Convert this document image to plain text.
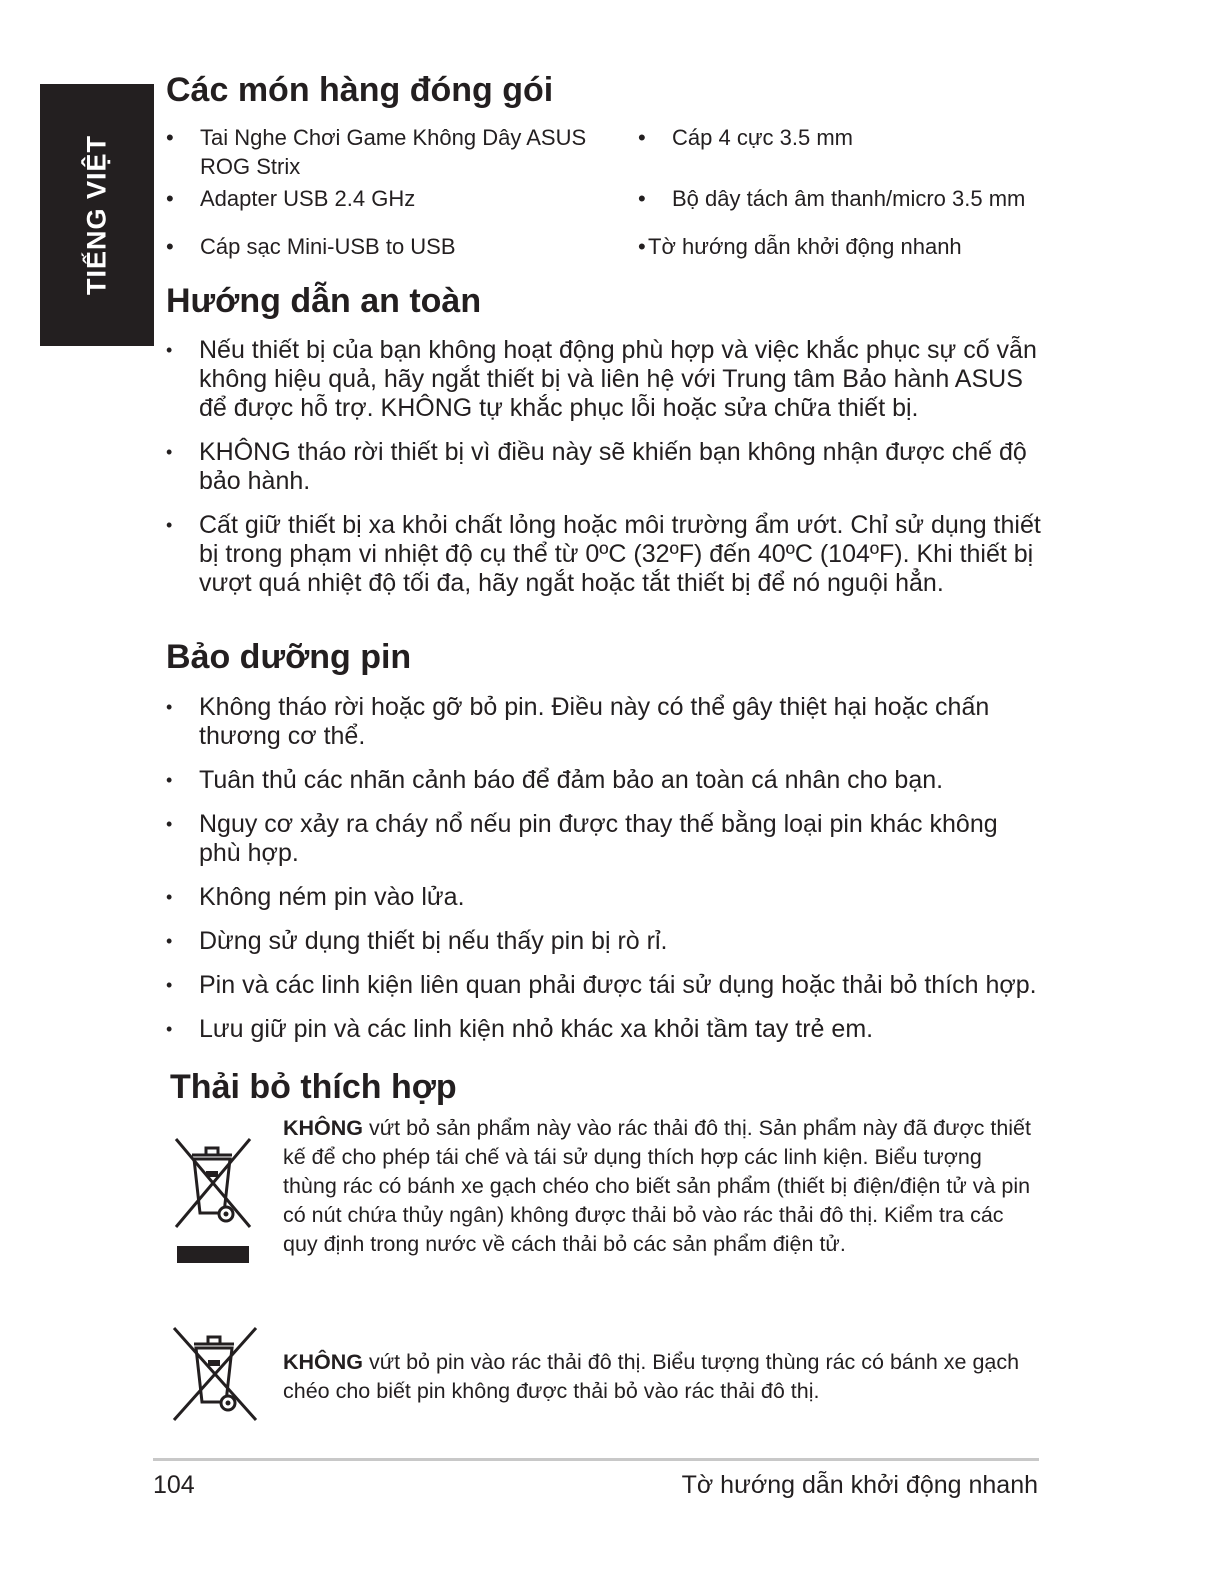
TIẾNG VIỆT
Các món hàng đóng gói
•	Tai Nghe Chơi Game Không Dây ASUS ROG Strix
•	Cáp 4 cực 3.5 mm
•	Adapter USB 2.4 GHz	•	Bộ dây tách âm thanh/micro 3.5 mm
•	Cáp sạc Mini-USB to USB	• Tờ hướng dẫn khởi động nhanh
Hướng dẫn an toàn
•	Nếu thiết bị của bạn không hoạt động phù hợp và việc khắc phục sự cố vẫn không hiệu quả, hãy ngắt thiết bị và liên hệ với Trung tâm Bảo hành ASUS để được hỗ trợ. KHÔNG tự khắc phục lỗi hoặc sửa chữa thiết bị.
•	KHÔNG tháo rời thiết bị vì điều này sẽ khiến bạn không nhận được chế độ bảo hành.
•	Cất giữ thiết bị xa khỏi chất lỏng hoặc môi trường ẩm ướt. Chỉ sử dụng thiết bị trong phạm vi nhiệt độ cụ thể từ 0ºC (32ºF) đến 40ºC (104ºF). Khi thiết bị vượt quá nhiệt độ tối đa, hãy ngắt hoặc tắt thiết bị để nó nguội hẳn.
Bảo dưỡng pin
•	Không tháo rời hoặc gỡ bỏ pin. Điều này có thể gây thiệt hại hoặc chấn thương cơ thể.
•	Tuân thủ các nhãn cảnh báo để đảm bảo an toàn cá nhân cho bạn.
•	Nguy cơ xảy ra cháy nổ nếu pin được thay thế bằng loại pin khác không phù hợp.
•	Không ném pin vào lửa.
•	Dừng sử dụng thiết bị nếu thấy pin bị rò rỉ.
•	Pin và các linh kiện liên quan phải được tái sử dụng hoặc thải bỏ thích hợp.
•	Lưu giữ pin và các linh kiện nhỏ khác xa khỏi tầm tay trẻ em.
Thải bỏ thích hợp
KHÔNG vứt bỏ sản phẩm này vào rác thải đô thị. Sản phẩm này đã được thiết kế để cho phép tái chế và tái sử dụng thích hợp các linh kiện. Biểu tượng thùng rác có bánh xe gạch chéo cho biết sản phẩm (thiết bị điện/điện tử và pin có nút chứa thủy ngân) không được thải bỏ vào rác thải đô thị. Kiểm tra các quy định trong nước về cách thải bỏ các sản phẩm điện tử.
KHÔNG vứt bỏ pin vào rác thải đô thị. Biểu tượng thùng rác có bánh xe gạch chéo cho biết pin không được thải bỏ vào rác thải đô thị.
104	Tờ hướng dẫn khởi động nhanh
